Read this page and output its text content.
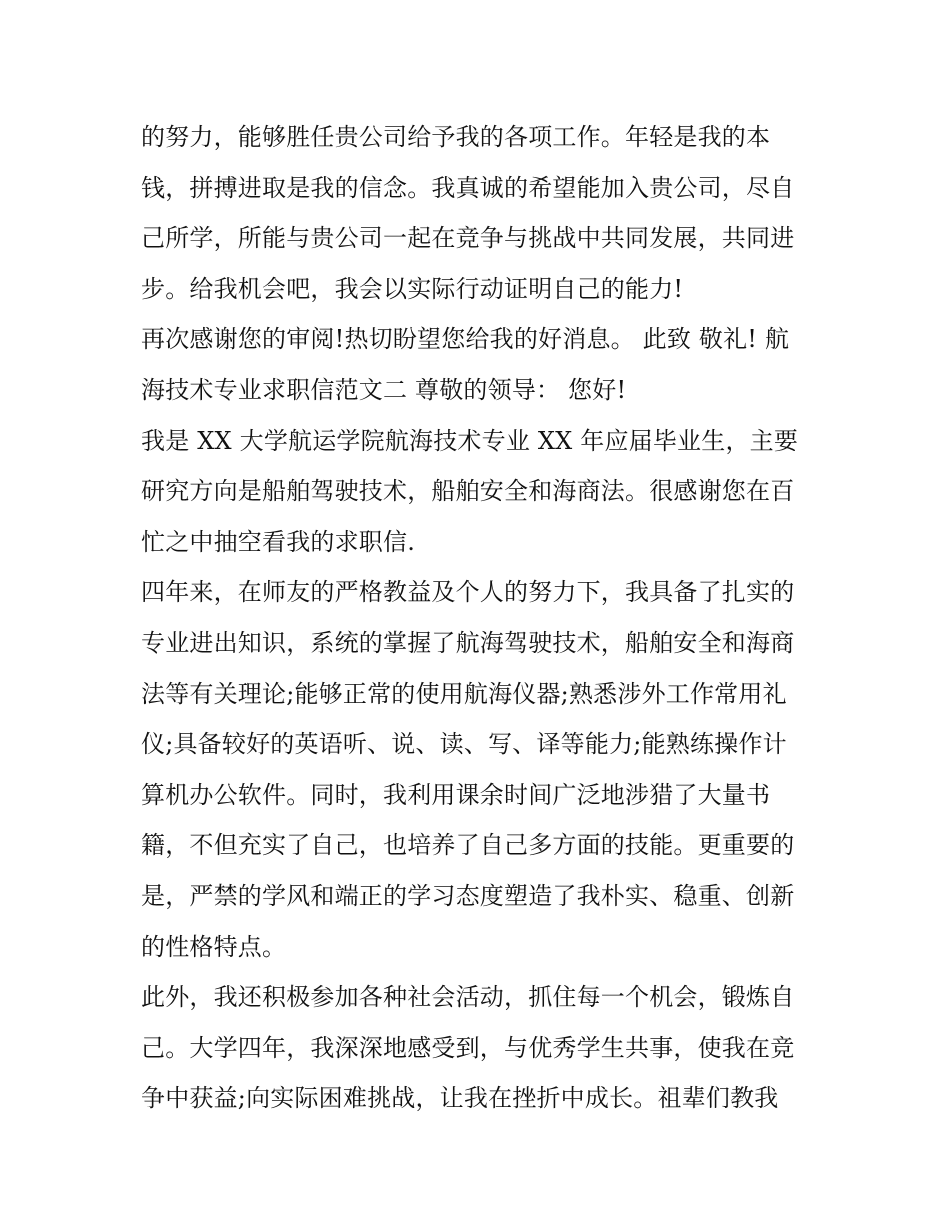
的努力，能够胜任贵公司给予我的各项工作。年轻是我的本
钱，拼搏进取是我的信念。我真诚的希望能加入贵公司，尽自
己所学，所能与贵公司一起在竞争与挑战中共同发展，共同进
步。给我机会吧，我会以实际行动证明自己的能力!
再次感谢您的审阅!热切盼望您给我的好消息。 此致 敬礼! 航
海技术专业求职信范文二 尊敬的领导： 您好!
我是 XX 大学航运学院航海技术专业 XX 年应届毕业生，主要
研究方向是船舶驾驶技术，船舶安全和海商法。很感谢您在百
忙之中抽空看我的求职信.
四年来，在师友的严格教益及个人的努力下，我具备了扎实的
专业进出知识，系统的掌握了航海驾驶技术，船舶安全和海商
法等有关理论;能够正常的使用航海仪器;熟悉涉外工作常用礼
仪;具备较好的英语听、说、读、写、译等能力;能熟练操作计
算机办公软件。同时，我利用课余时间广泛地涉猎了大量书
籍，不但充实了自己，也培养了自己多方面的技能。更重要的
是，严禁的学风和端正的学习态度塑造了我朴实、稳重、创新
的性格特点。
此外，我还积极参加各种社会活动，抓住每一个机会，锻炼自
己。大学四年，我深深地感受到，与优秀学生共事，使我在竞
争中获益;向实际困难挑战，让我在挫折中成长。祖辈们教我
